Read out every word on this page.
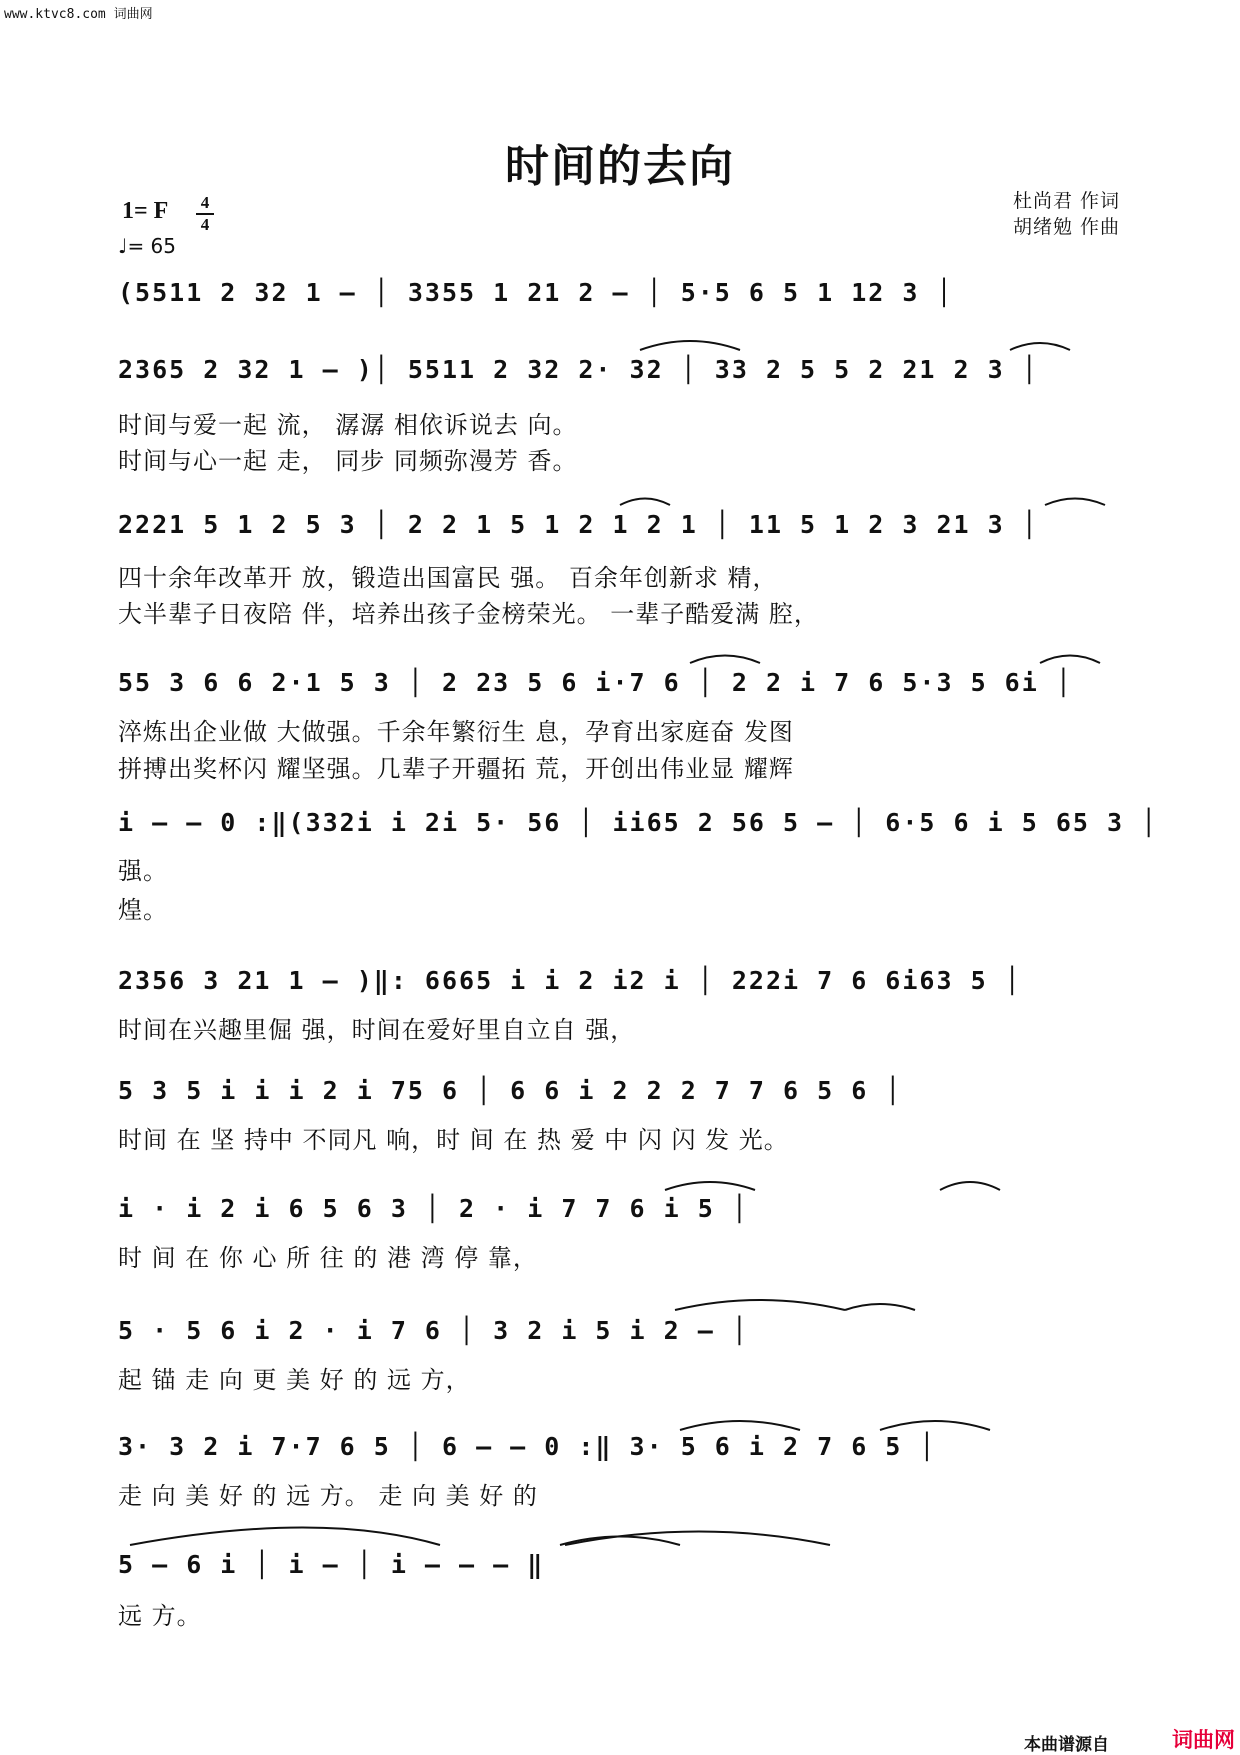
www.ktvc8.com 词曲网
时间的去向
1= F 4
4
♩= 65
杜尚君 作词
胡绪勉 作曲
(5511 2 32 1 – │ 3355 1 21 2 – │ 5·5 6 5 1 12 3 │
2365 2 32 1 – )│ 5511 2 32 2· 32 │ 33 2 5 5 2 21 2 3 │
时间与爱一起 流， 潺潺 相依诉说去 向。
时间与心一起 走， 同步 同频弥漫芳 香。
2221 5 1 2 5 3 │ 2 2 1 5 1 2 1 2 1 │ 11 5 1 2 3 21 3 │
四十余年改革开 放，锻造出国富民 强。 百余年创新求 精，
大半辈子日夜陪 伴，培养出孩子金榜荣光。 一辈子酷爱满 腔，
55 3 6 6 2·1 5 3 │ 2 23 5 6 i·7 6 │ 2 2 i 7 6 5·3 5 6i │
淬炼出企业做 大做强。千余年繁衍生 息，孕育出家庭奋 发图
拼搏出奖杯闪 耀坚强。几辈子开疆拓 荒，开创出伟业显 耀辉
i – – 0 :‖(332i i 2i 5· 56 │ ii65 2 56 5 – │ 6·5 6 i 5 65 3 │
强。
煌。
2356 3 21 1 – )‖: 6665 i i 2 i2 i │ 222i 7 6 6i63 5 │
时间在兴趣里倔 强，时间在爱好里自立自 强，
5 3 5 i i i 2 i 75 6 │ 6 6 i 2 2 2 7 7 6 5 6 │
时间 在 坚 持中 不同凡 响，时 间 在 热 爱 中 闪 闪 发 光。
i · i 2 i 6 5 6 3 │ 2 · i 7 7 6 i 5 │
时 间 在 你 心 所 往 的 港 湾 停 靠，
5 · 5 6 i 2 · i 7 6 │ 3 2 i 5 i 2 – │
起 锚 走 向 更 美 好 的 远 方，
3· 3 2 i 7·7 6 5 │ 6 – – 0 :‖ 3· 5 6 i 2 7 6 5 │
走 向 美 好 的 远 方。 走 向 美 好 的
5 – 6 i │ i – │ i – – – ‖
远 方。
本曲谱源自	词曲网
